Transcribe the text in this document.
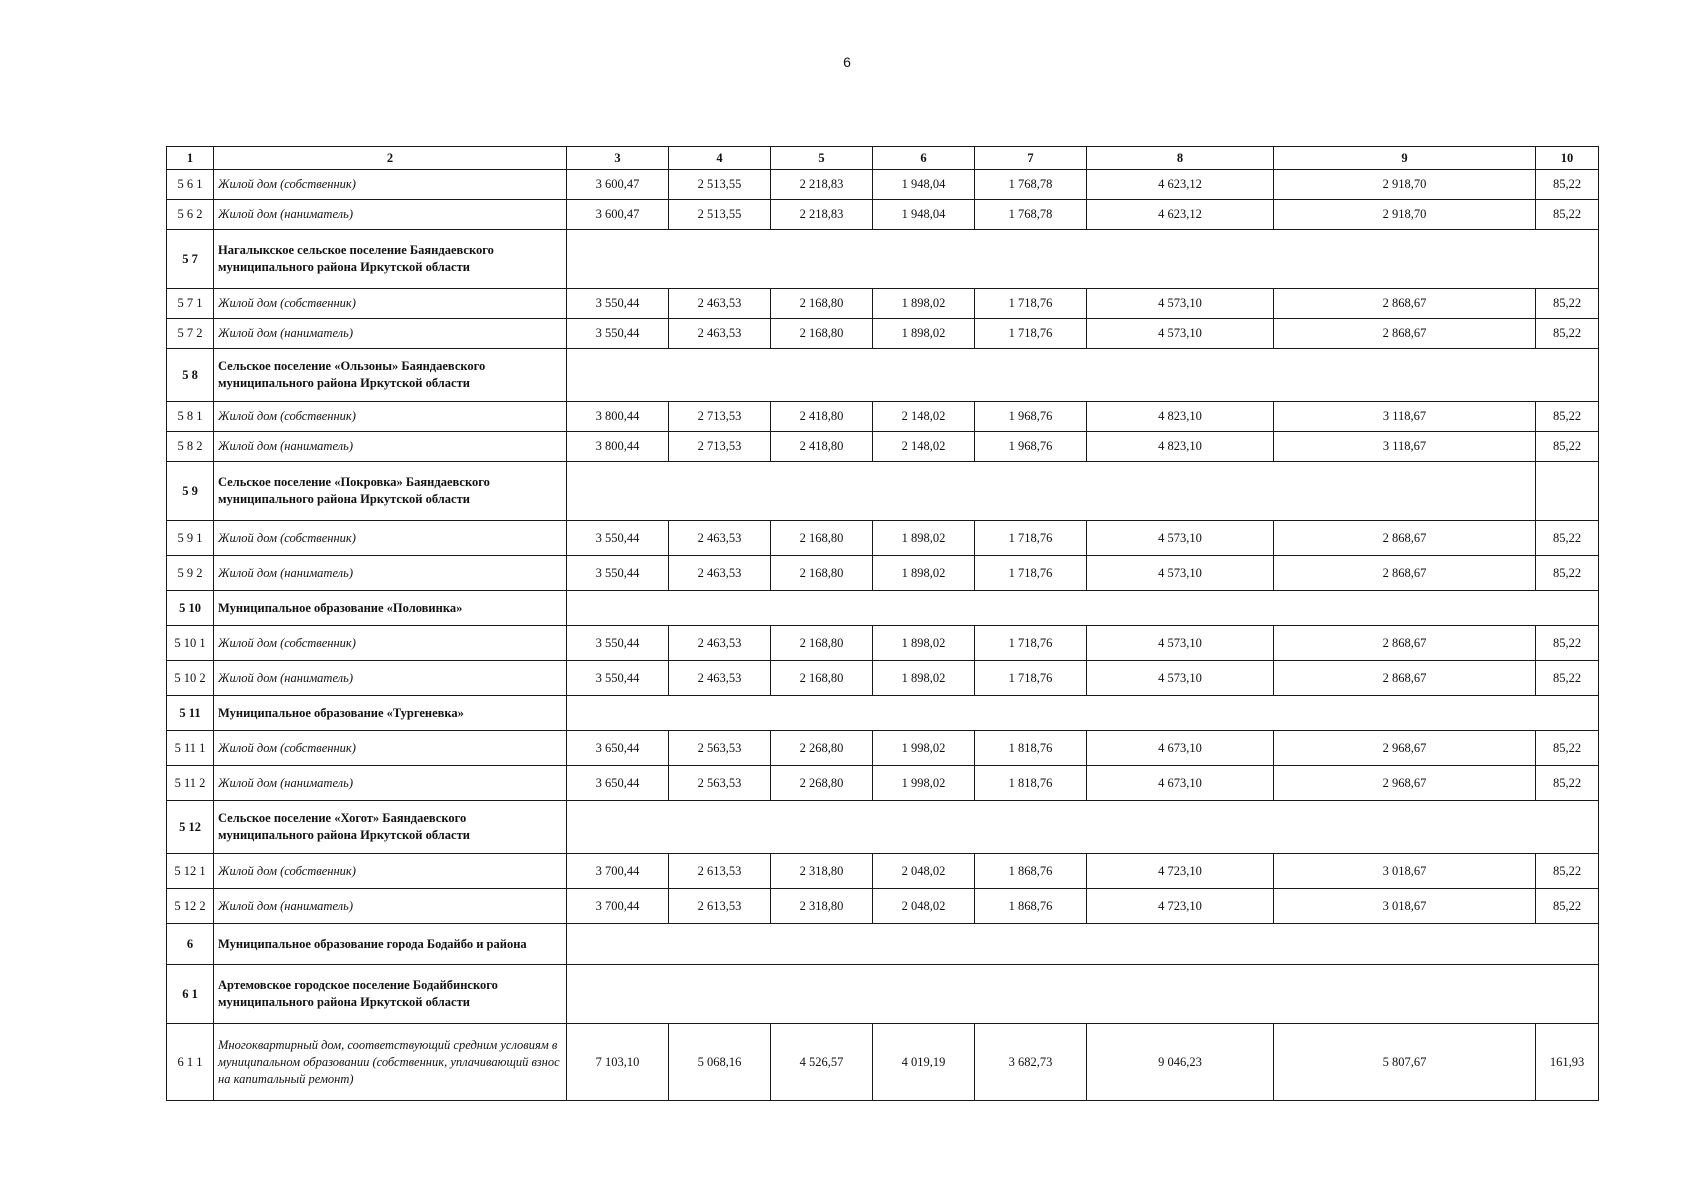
6
1	2	3	4	5	6	7	8	9	10
5 6 1	Жилой дом (собственник)	3 600,47	2 513,55	2 218,83	1 948,04	1 768,78	4 623,12	2 918,70	85,22
5 6 2	Жилой дом (наниматель)	3 600,47	2 513,55	2 218,83	1 948,04	1 768,78	4 623,12	2 918,70	85,22
5 7	Нагалыкское сельское поселение Баяндаевского муниципального района Иркутской области								
5 7 1	Жилой дом (собственник)	3 550,44	2 463,53	2 168,80	1 898,02	1 718,76	4 573,10	2 868,67	85,22
5 7 2	Жилой дом (наниматель)	3 550,44	2 463,53	2 168,80	1 898,02	1 718,76	4 573,10	2 868,67	85,22
5 8	Сельское поселение «Ользоны» Баяндаевского муниципального района Иркутской области								
5 8 1	Жилой дом (собственник)	3 800,44	2 713,53	2 418,80	2 148,02	1 968,76	4 823,10	3 118,67	85,22
5 8 2	Жилой дом (наниматель)	3 800,44	2 713,53	2 418,80	2 148,02	1 968,76	4 823,10	3 118,67	85,22
5 9	Сельское поселение «Покровка» Баяндаевского муниципального района Иркутской области								
5 9 1	Жилой дом (собственник)	3 550,44	2 463,53	2 168,80	1 898,02	1 718,76	4 573,10	2 868,67	85,22
5 9 2	Жилой дом (наниматель)	3 550,44	2 463,53	2 168,80	1 898,02	1 718,76	4 573,10	2 868,67	85,22
5 10	Муниципальное образование «Половинка»								
5 10 1	Жилой дом (собственник)	3 550,44	2 463,53	2 168,80	1 898,02	1 718,76	4 573,10	2 868,67	85,22
5 10 2	Жилой дом (наниматель)	3 550,44	2 463,53	2 168,80	1 898,02	1 718,76	4 573,10	2 868,67	85,22
5 11	Муниципальное образование «Тургеневка»								
5 11 1	Жилой дом (собственник)	3 650,44	2 563,53	2 268,80	1 998,02	1 818,76	4 673,10	2 968,67	85,22
5 11 2	Жилой дом (наниматель)	3 650,44	2 563,53	2 268,80	1 998,02	1 818,76	4 673,10	2 968,67	85,22
5 12	Сельское поселение «Хогот» Баяндаевского муниципального района Иркутской области								
5 12 1	Жилой дом (собственник)	3 700,44	2 613,53	2 318,80	2 048,02	1 868,76	4 723,10	3 018,67	85,22
5 12 2	Жилой дом (наниматель)	3 700,44	2 613,53	2 318,80	2 048,02	1 868,76	4 723,10	3 018,67	85,22
6	Муниципальное образование города Бодайбо и района								
6 1	Артемовское городское поселение Бодайбинского муниципального района Иркутской области								
6 1 1	Многоквартирный дом, соответствующий средним условиям в муниципальном образовании (собственник, уплачивающий взнос на капитальный ремонт)	7 103,10	5 068,16	4 526,57	4 019,19	3 682,73	9 046,23	5 807,67	161,93
